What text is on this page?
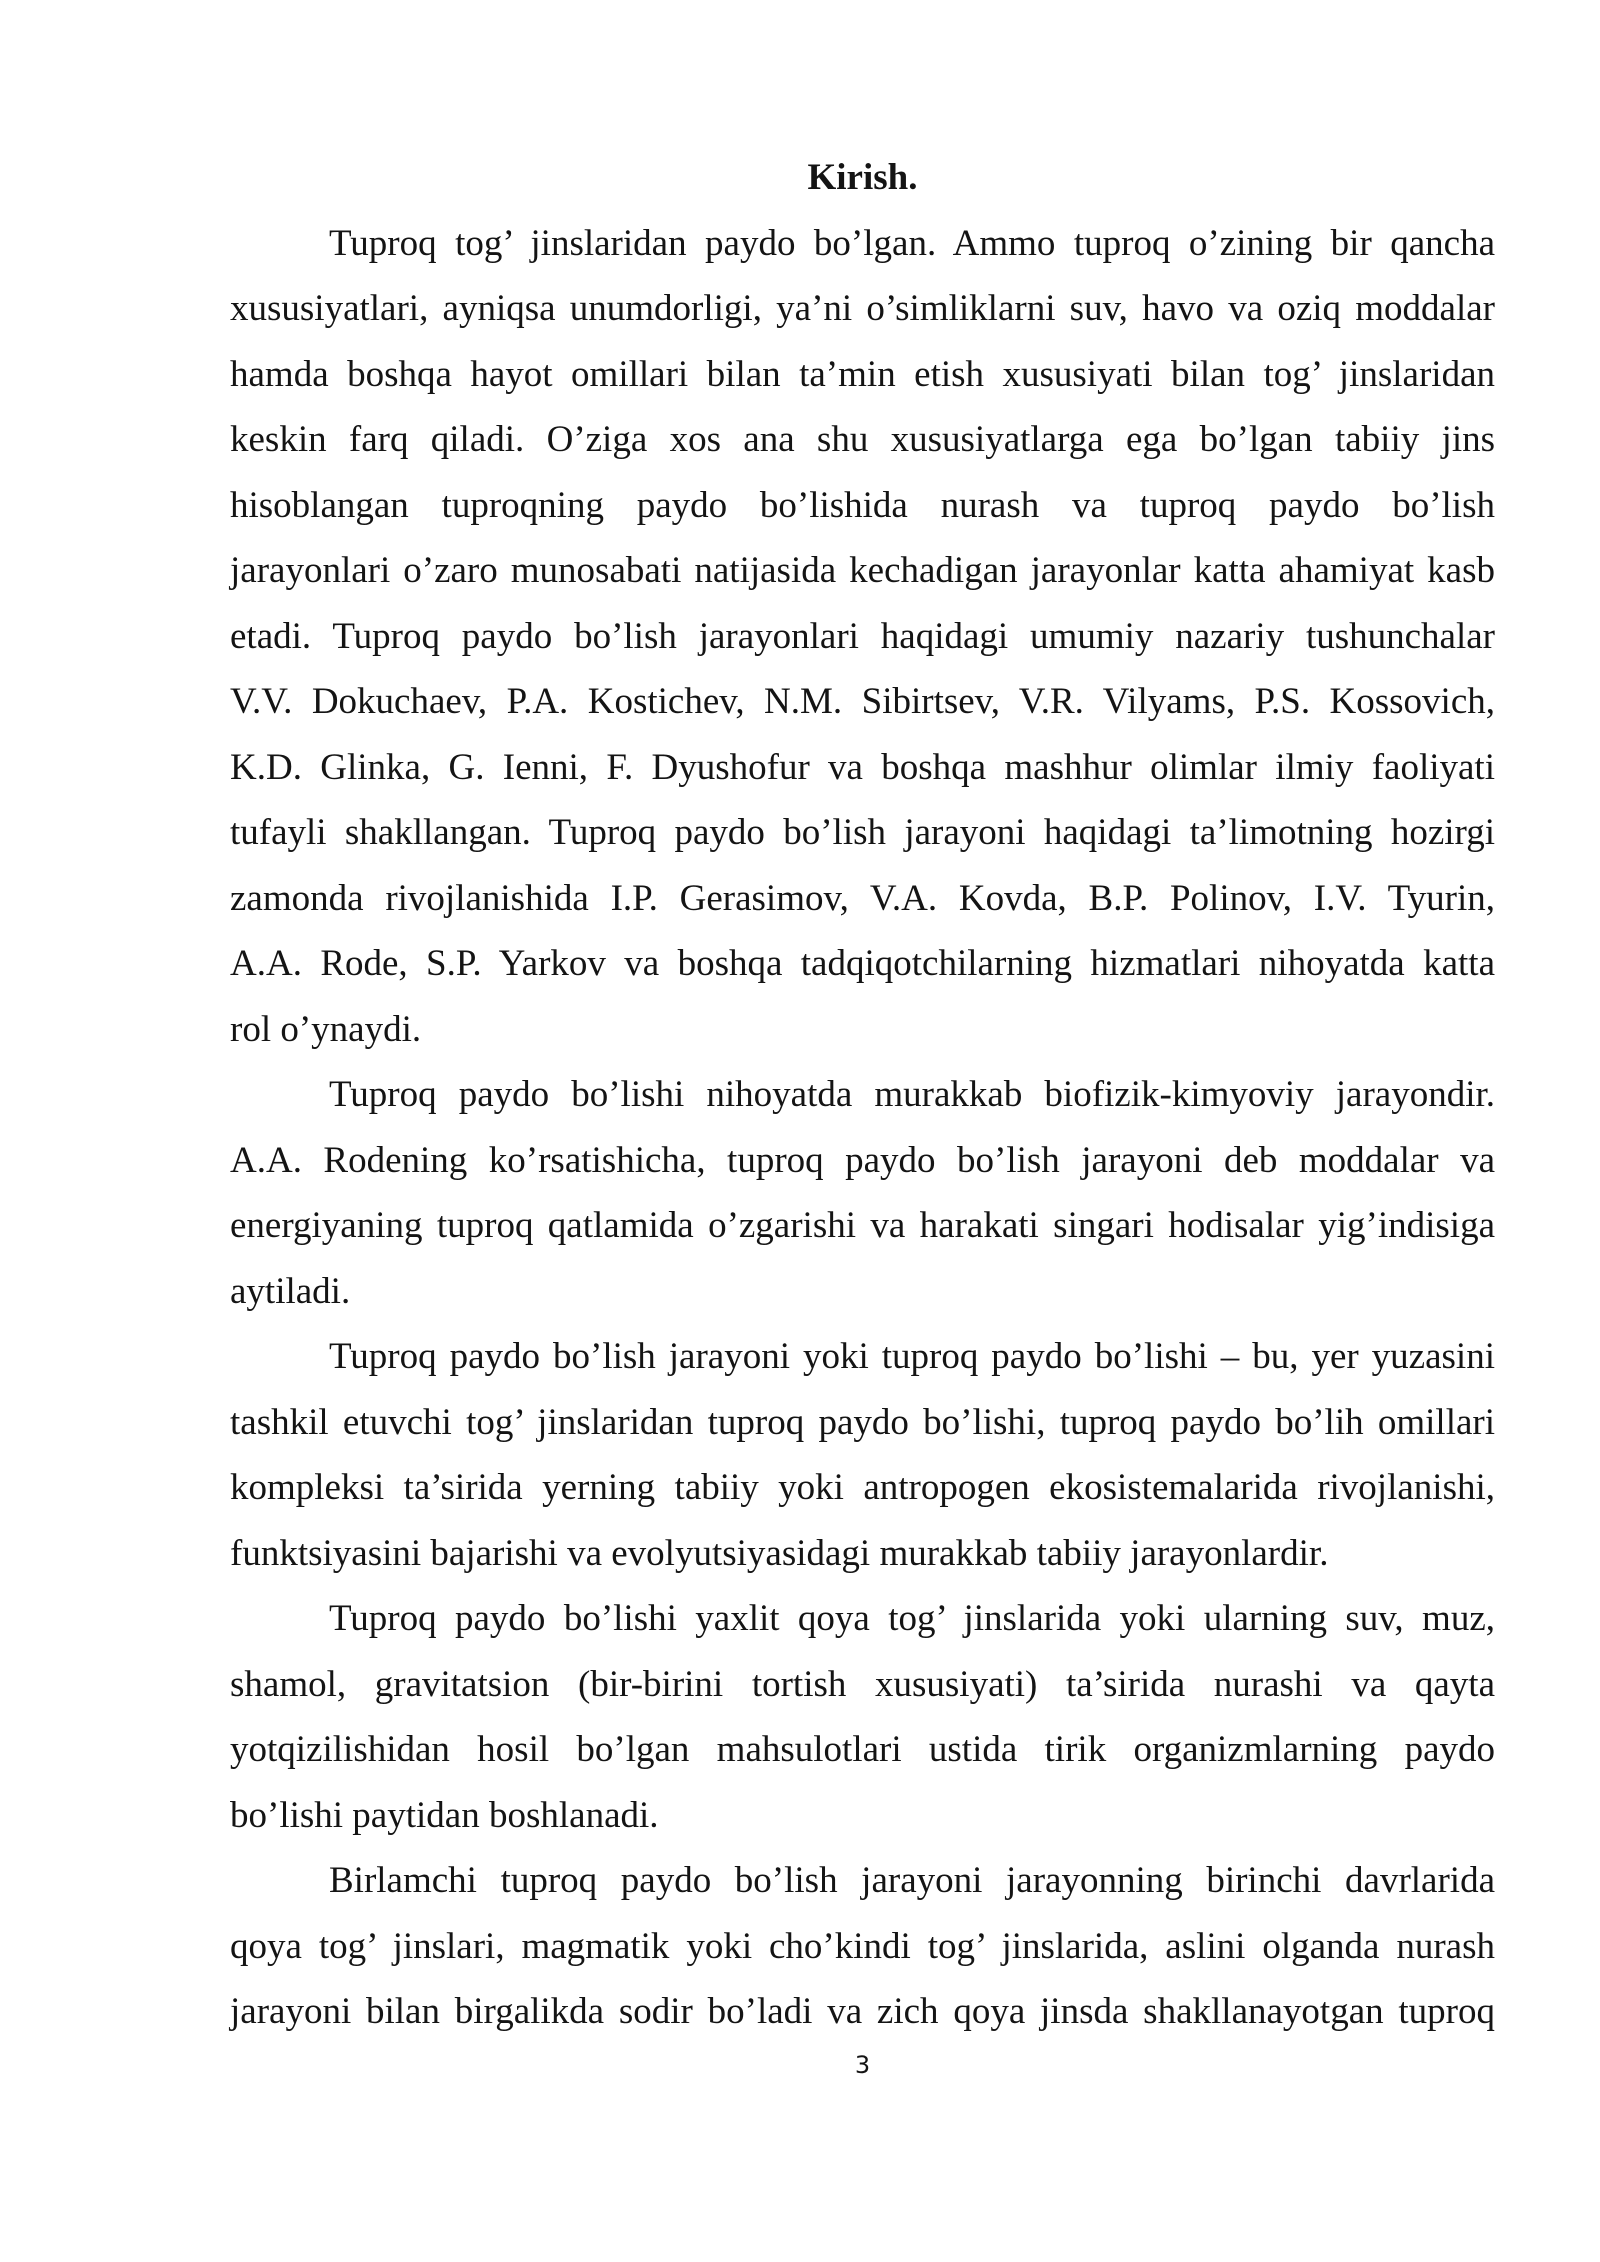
Kirish.
Tuproq tog’ jinslaridan paydo bo’lgan. Ammo tuproq o’zining bir qancha
xususiyatlari, ayniqsa unumdorligi, ya’ni o’simliklarni suv, havo va oziq moddalar
hamda boshqa hayot omillari bilan ta’min etish xususiyati bilan tog’ jinslaridan
keskin farq qiladi. O’ziga xos ana shu xususiyatlarga ega bo’lgan tabiiy jins
hisoblangan tuproqning paydo bo’lishida nurash va tuproq paydo bo’lish
jarayonlari o’zaro munosabati natijasida kechadigan jarayonlar katta ahamiyat kasb
etadi. Tuproq paydo bo’lish jarayonlari haqidagi umumiy nazariy tushunchalar
V.V. Dokuchaev, P.A. Kostichev, N.M. Sibirtsev, V.R. Vilyams, P.S. Kossovich,
K.D. Glinka, G. Ienni, F. Dyushofur va boshqa mashhur olimlar ilmiy faoliyati
tufayli shakllangan. Tuproq paydo bo’lish jarayoni haqidagi ta’limotning hozirgi
zamonda rivojlanishida I.P. Gerasimov, V.A. Kovda, B.P. Polinov, I.V. Tyurin,
A.A. Rode, S.P. Yarkov va boshqa tadqiqotchilarning hizmatlari nihoyatda katta
rol o’ynaydi.
Tuproq paydo bo’lishi nihoyatda murakkab biofizik-kimyoviy jarayondir.
A.A. Rodening ko’rsatishicha, tuproq paydo bo’lish jarayoni deb moddalar va
energiyaning tuproq qatlamida o’zgarishi va harakati singari hodisalar yig’indisiga
aytiladi.
Tuproq paydo bo’lish jarayoni yoki tuproq paydo bo’lishi – bu, yer yuzasini
tashkil etuvchi tog’ jinslaridan tuproq paydo bo’lishi, tuproq paydo bo’lih omillari
kompleksi ta’sirida yerning tabiiy yoki antropogen ekosistemalarida rivojlanishi,
funktsiyasini bajarishi va evolyutsiyasidagi murakkab tabiiy jarayonlardir.
Tuproq paydo bo’lishi yaxlit qoya tog’ jinslarida yoki ularning suv, muz,
shamol, gravitatsion (bir-birini tortish xususiyati) ta’sirida nurashi va qayta
yotqizilishidan hosil bo’lgan mahsulotlari ustida tirik organizmlarning paydo
bo’lishi paytidan boshlanadi.
Birlamchi tuproq paydo bo’lish jarayoni jarayonning birinchi davrlarida
qoya tog’ jinslari, magmatik yoki cho’kindi tog’ jinslarida, aslini olganda nurash
jarayoni bilan birgalikda sodir bo’ladi va zich qoya jinsda shakllanayotgan tuproq
3
